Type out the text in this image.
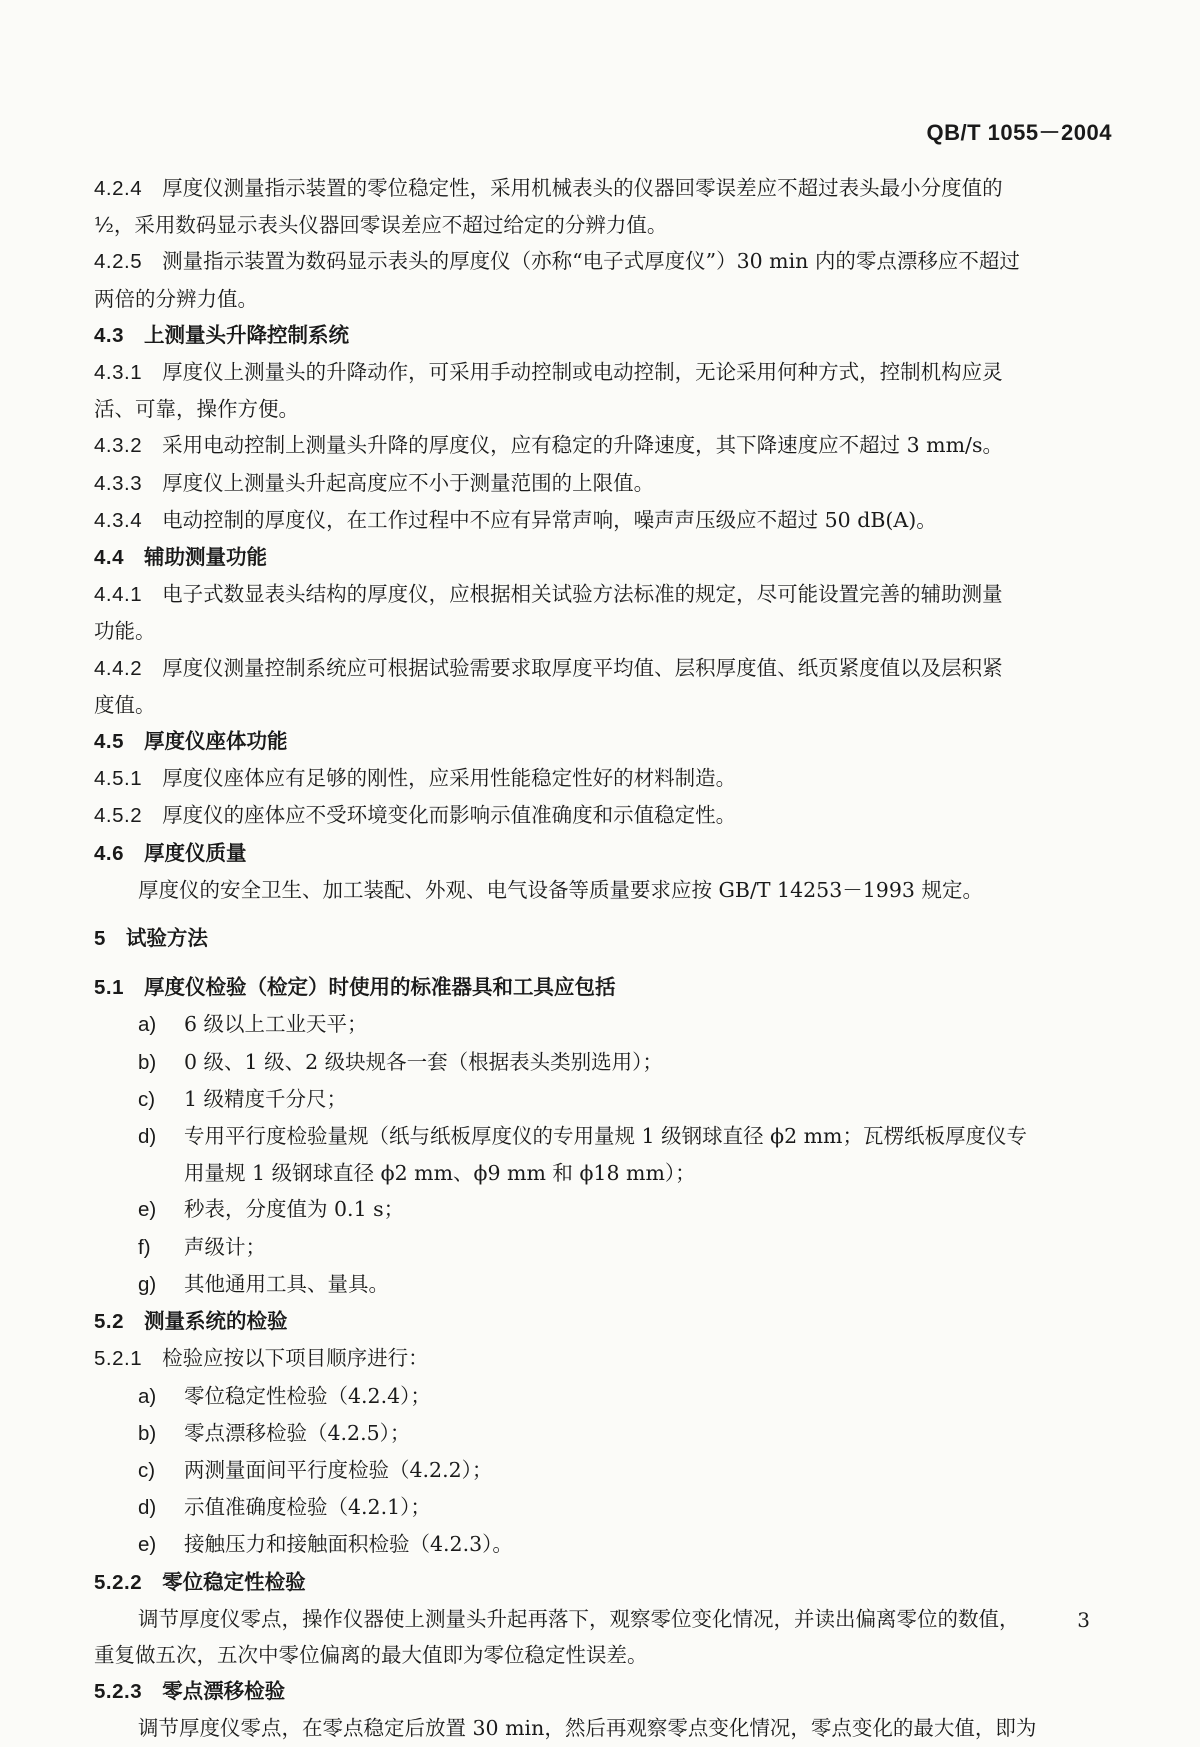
QB/T 1055－2004
4.2.4 厚度仪测量指示装置的零位稳定性，采用机械表头的仪器回零误差应不超过表头最小分度值的
½，采用数码显示表头仪器回零误差应不超过给定的分辨力值。
4.2.5 测量指示装置为数码显示表头的厚度仪（亦称“电子式厚度仪”）30 min 内的零点漂移应不超过
两倍的分辨力值。
4.3 上测量头升降控制系统
4.3.1 厚度仪上测量头的升降动作，可采用手动控制或电动控制，无论采用何种方式，控制机构应灵
活、可靠，操作方便。
4.3.2 采用电动控制上测量头升降的厚度仪，应有稳定的升降速度，其下降速度应不超过 3 mm/s。
4.3.3 厚度仪上测量头升起高度应不小于测量范围的上限值。
4.3.4 电动控制的厚度仪，在工作过程中不应有异常声响，噪声声压级应不超过 50 dB(A)。
4.4 辅助测量功能
4.4.1 电子式数显表头结构的厚度仪，应根据相关试验方法标准的规定，尽可能设置完善的辅助测量
功能。
4.4.2 厚度仪测量控制系统应可根据试验需要求取厚度平均值、层积厚度值、纸页紧度值以及层积紧
度值。
4.5 厚度仪座体功能
4.5.1 厚度仪座体应有足够的刚性，应采用性能稳定性好的材料制造。
4.5.2 厚度仪的座体应不受环境变化而影响示值准确度和示值稳定性。
4.6 厚度仪质量
厚度仪的安全卫生、加工装配、外观、电气设备等质量要求应按 GB/T 14253－1993 规定。
5 试验方法
5.1 厚度仪检验（检定）时使用的标准器具和工具应包括
a) 6 级以上工业天平；
b) 0 级、1 级、2 级块规各一套（根据表头类别选用）；
c) 1 级精度千分尺；
d) 专用平行度检验量规（纸与纸板厚度仪的专用量规 1 级钢球直径 ϕ2 mm；瓦楞纸板厚度仪专
用量规 1 级钢球直径 ϕ2 mm、ϕ9 mm 和 ϕ18 mm）；
e) 秒表，分度值为 0.1 s；
f) 声级计；
g) 其他通用工具、量具。
5.2 测量系统的检验
5.2.1 检验应按以下项目顺序进行：
a) 零位稳定性检验（4.2.4）；
b) 零点漂移检验（4.2.5）；
c) 两测量面间平行度检验（4.2.2）；
d) 示值准确度检验（4.2.1）；
e) 接触压力和接触面积检验（4.2.3）。
5.2.2 零位稳定性检验
调节厚度仪零点，操作仪器使上测量头升起再落下，观察零位变化情况，并读出偏离零位的数值，
重复做五次，五次中零位偏离的最大值即为零位稳定性误差。
5.2.3 零点漂移检验
调节厚度仪零点，在零点稳定后放置 30 min，然后再观察零点变化情况，零点变化的最大值，即为
3
